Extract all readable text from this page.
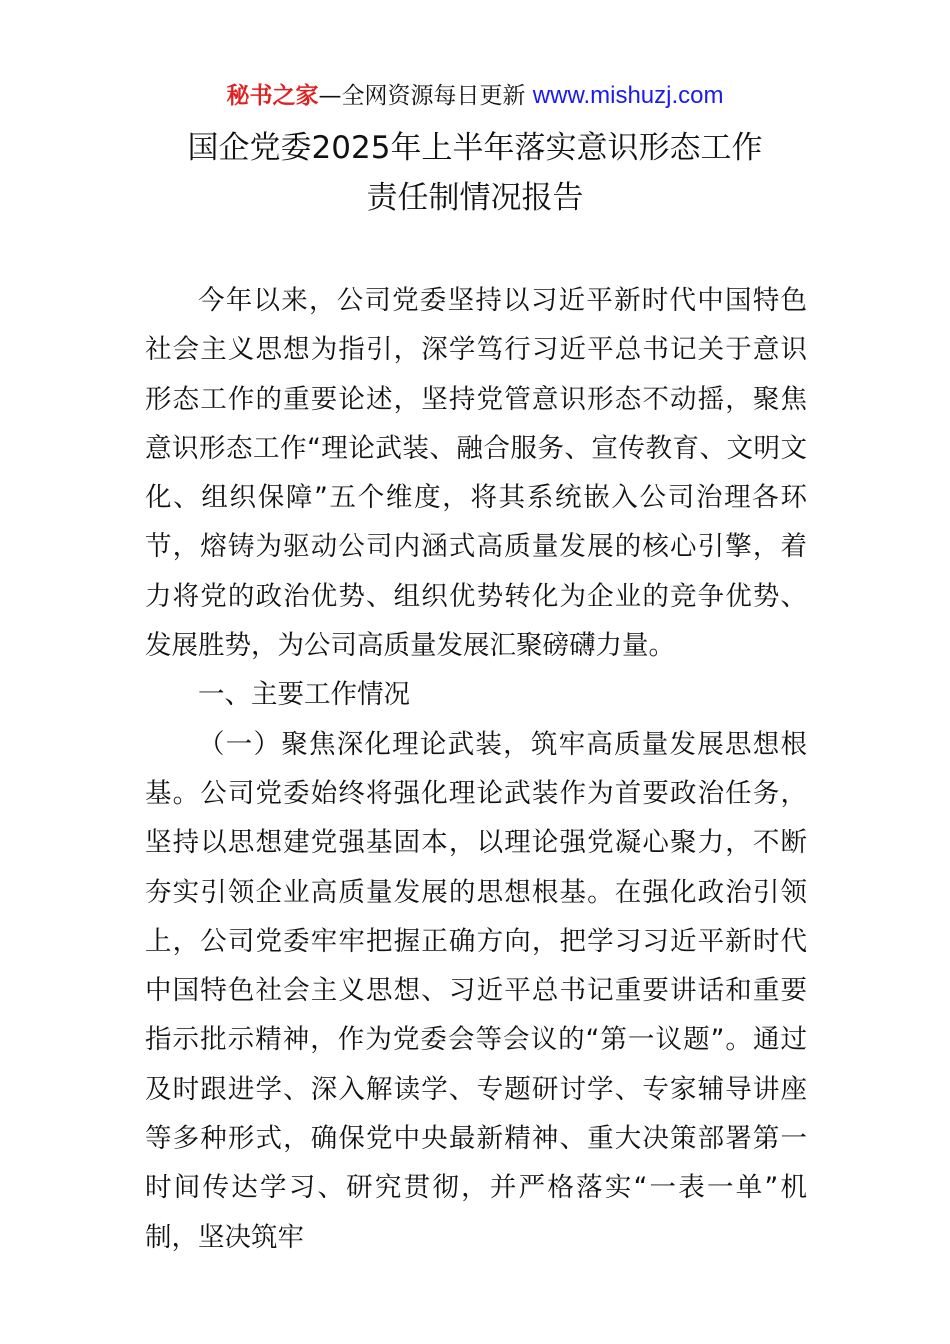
秘书之家—全网资源每日更新 www.mishuzj.com
国企党委2025年上半年落实意识形态工作
责任制情况报告

今年以来，公司党委坚持以习近平新时代中国特色社会主义思想为指引，深学笃行习近平总书记关于意识形态工作的重要论述，坚持党管意识形态不动摇，聚焦意识形态工作“理论武装、融合服务、宣传教育、文明文化、组织保障”五个维度，将其系统嵌入公司治理各环节，熔铸为驱动公司内涵式高质量发展的核心引擎，着力将党的政治优势、组织优势转化为企业的竞争优势、发展胜势，为公司高质量发展汇聚磅礴力量。

一、主要工作情况

（一）聚焦深化理论武装，筑牢高质量发展思想根基。公司党委始终将强化理论武装作为首要政治任务，坚持以思想建党强基固本，以理论强党凝心聚力，不断夯实引领企业高质量发展的思想根基。在强化政治引领上，公司党委牢牢把握正确方向，把学习习近平新时代中国特色社会主义思想、习近平总书记重要讲话和重要指示批示精神，作为党委会等会议的“第一议题”。通过及时跟进学、深入解读学、专题研讨学、专家辅导讲座等多种形式，确保党中央最新精神、重大决策部署第一时间传达学习、研究贯彻，并严格落实“一表一单”机制，坚决筑牢
